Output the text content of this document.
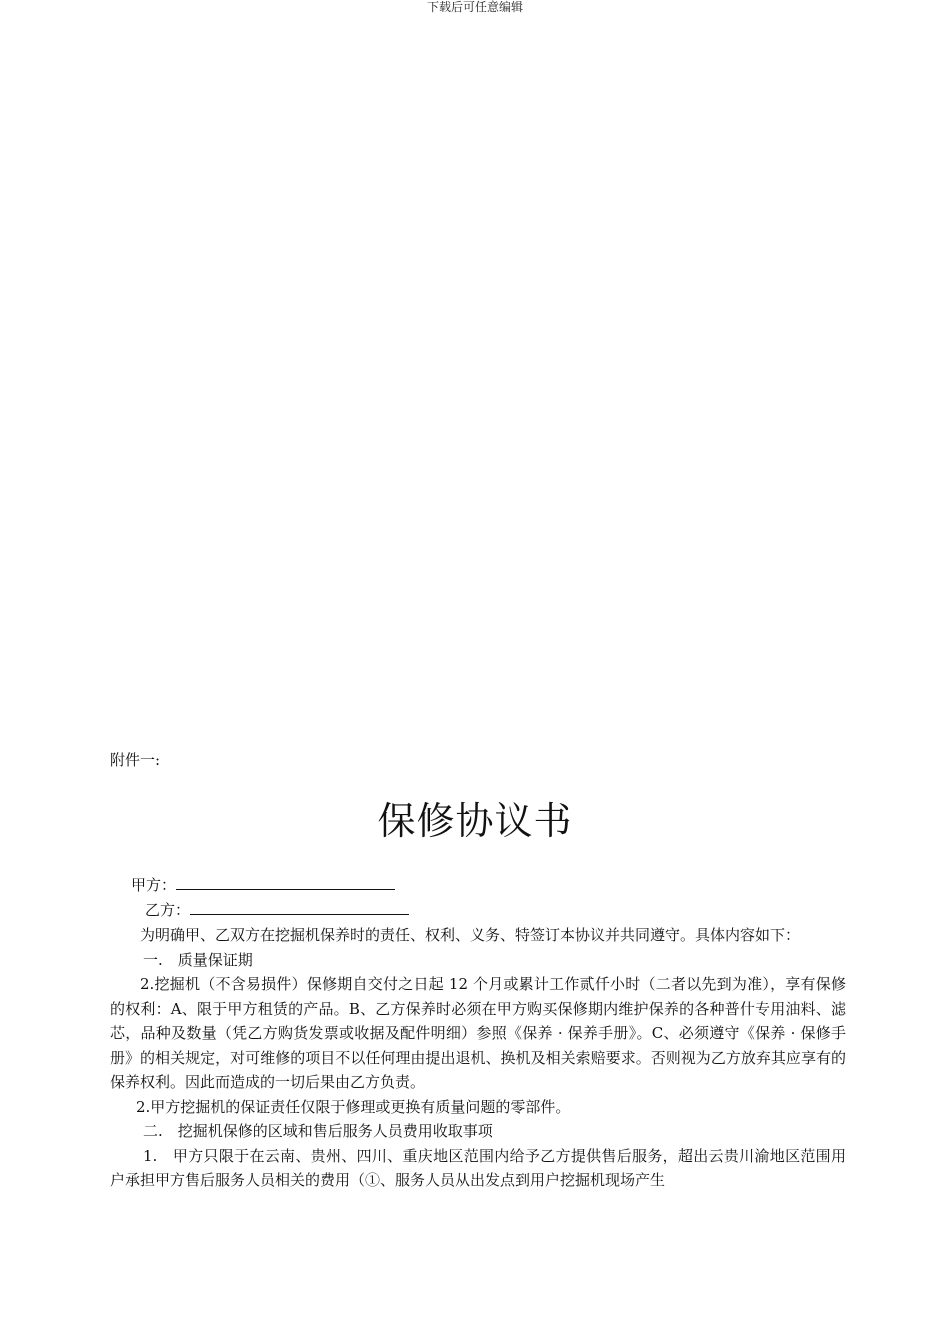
下载后可任意编辑
附件一:
保修协议书
甲方：
乙方：

为明确甲、乙双方在挖掘机保养时的责任、权利、义务、特签订本协议并共同遵守。具体内容如下：

一.　质量保证期

2.挖掘机（不含易损件）保修期自交付之日起 12 个月或累计工作贰仟小时（二者以先到为准），享有保修的权利：A、限于甲方租赁的产品。B、乙方保养时必须在甲方购买保修期内维护保养的各种普什专用油料、滤芯，品种及数量（凭乙方购货发票或收据及配件明细）参照《保养 · 保养手册》。C、必须遵守《保养 · 保修手册》的相关规定，对可维修的项目不以任何理由提出退机、换机及相关索赔要求。否则视为乙方放弃其应享有的保养权利。因此而造成的一切后果由乙方负责。

2.甲方挖掘机的保证责任仅限于修理或更换有质量问题的零部件。

二.　挖掘机保修的区域和售后服务人员费用收取事项

1.　甲方只限于在云南、贵州、四川、重庆地区范围内给予乙方提供售后服务，超出云贵川渝地区范围用户承担甲方售后服务人员相关的费用（①、服务人员从出发点到用户挖掘机现场产生
